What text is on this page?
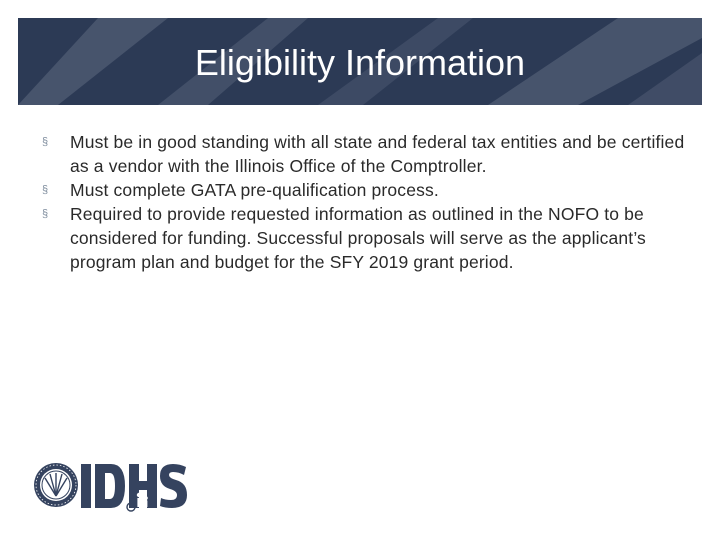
Eligibility Information
§ Must be in good standing with all state and federal tax entities and be certified as a vendor with the Illinois Office of the Comptroller.
§ Must complete GATA pre-qualification process.
§ Required to provide requested information as outlined in the NOFO to be considered for funding. Successful proposals will serve as the applicant’s program plan and budget for the SFY 2019 grant period.
